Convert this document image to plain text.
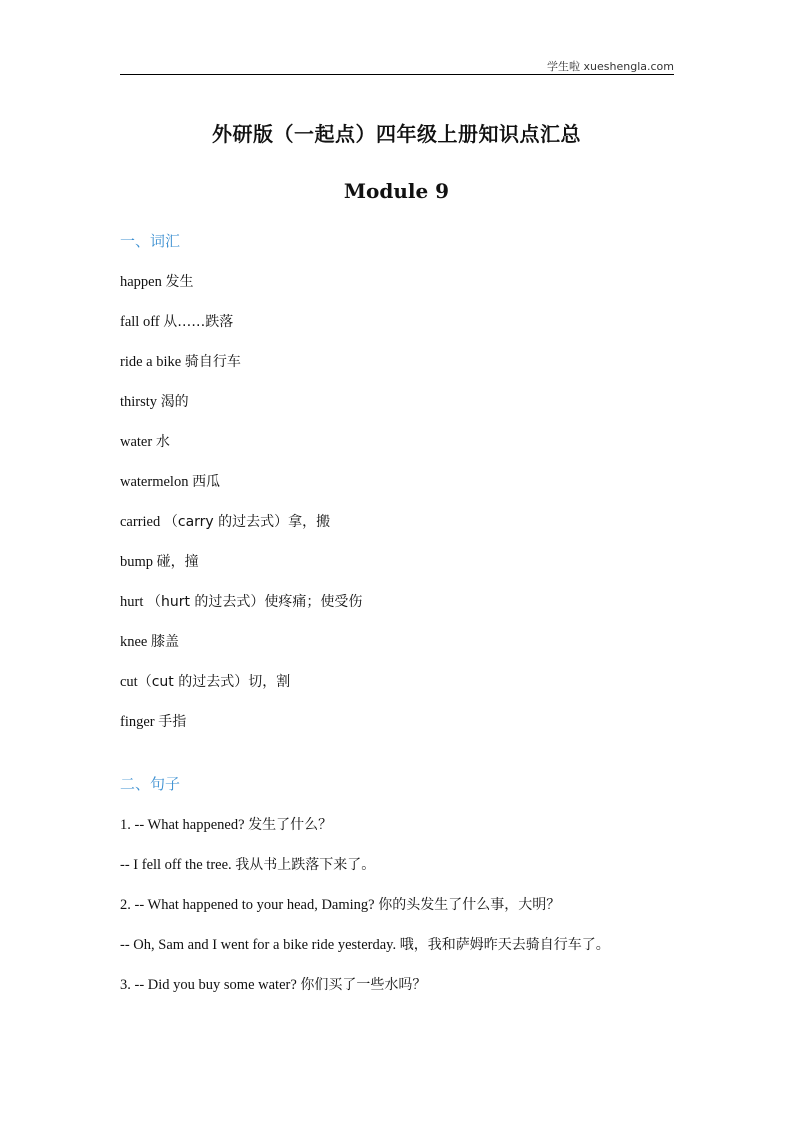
学生啦 xueshengla.com
外研版（一起点）四年级上册知识点汇总
Module 9
一、词汇
happen 发生
fall off 从……跌落
ride a bike 骑自行车
thirsty 渴的
water 水
watermelon 西瓜
carried （carry 的过去式）拿，搬
bump 碰，撞
hurt （hurt 的过去式）使疼痛；使受伤
knee 膝盖
cut（cut 的过去式）切，割
finger 手指
二、句子
1. -- What happened? 发生了什么？
-- I fell off the tree. 我从书上跌落下来了。
2. -- What happened to your head, Daming? 你的头发生了什么事，大明？
-- Oh, Sam and I went for a bike ride yesterday. 哦，我和萨姆昨天去骑自行车了。
3. -- Did you buy some water? 你们买了一些水吗？
